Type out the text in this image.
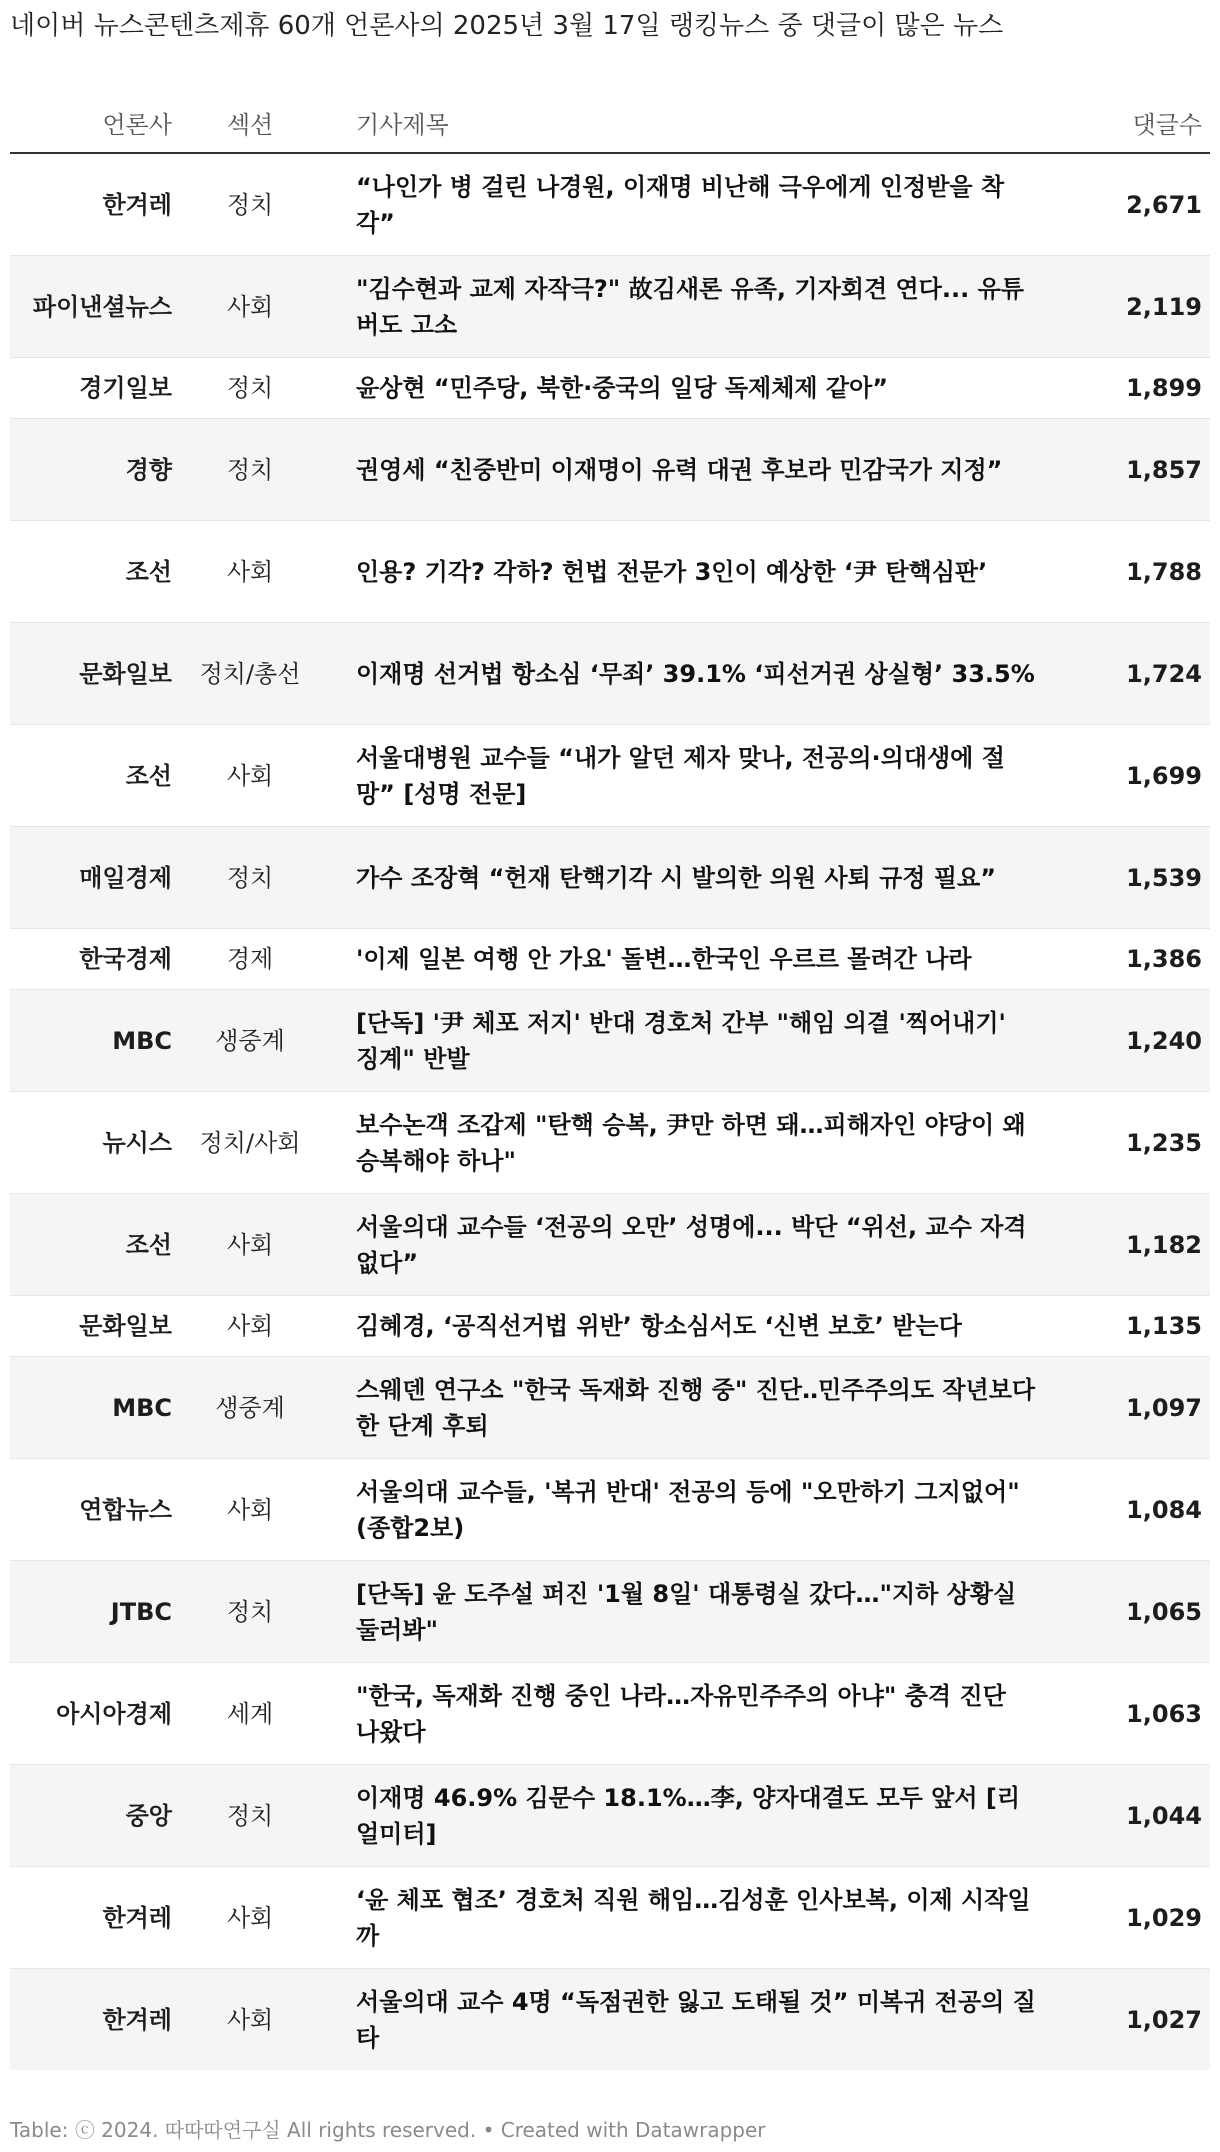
네이버 뉴스콘텐츠제휴 60개 언론사의 2025년 3월 17일 랭킹뉴스 중 댓글이 많은 뉴스
언론사	섹션	기사제목	댓글수
한겨레	정치	“나인가 병 걸린 나경원, 이재명 비난해 극우에게 인정받을 착각”	2,671
파이낸셜뉴스	사회	"김수현과 교제 자작극?" 故김새론 유족, 기자회견 연다... 유튜버도 고소	2,119
경기일보	정치	윤상현 “민주당, 북한·중국의 일당 독제체제 같아”	1,899
경향	정치	권영세 “친중반미 이재명이 유력 대권 후보라 민감국가 지정”	1,857
조선	사회	인용? 기각? 각하? 헌법 전문가 3인이 예상한 ‘尹 탄핵심판’	1,788
문화일보	정치/총선	이재명 선거법 항소심 ‘무죄’ 39.1% ‘피선거권 상실형’ 33.5%	1,724
조선	사회	서울대병원 교수들 “내가 알던 제자 맞나, 전공의·의대생에 절망” [성명 전문]	1,699
매일경제	정치	가수 조장혁 “헌재 탄핵기각 시 발의한 의원 사퇴 규정 필요”	1,539
한국경제	경제	'이제 일본 여행 안 가요' 돌변…한국인 우르르 몰려간 나라	1,386
MBC	생중계	[단독] '尹 체포 저지' 반대 경호처 간부 "해임 의결 '찍어내기' 징계" 반발	1,240
뉴시스	정치/사회	보수논객 조갑제 "탄핵 승복, 尹만 하면 돼…피해자인 야당이 왜 승복해야 하나"	1,235
조선	사회	서울의대 교수들 ‘전공의 오만’ 성명에... 박단 “위선, 교수 자격 없다”	1,182
문화일보	사회	김혜경, ‘공직선거법 위반’ 항소심서도 ‘신변 보호’ 받는다	1,135
MBC	생중계	스웨덴 연구소 "한국 독재화 진행 중" 진단‥민주주의도 작년보다 한 단계 후퇴	1,097
연합뉴스	사회	서울의대 교수들, '복귀 반대' 전공의 등에 "오만하기 그지없어"(종합2보)	1,084
JTBC	정치	[단독] 윤 도주설 퍼진 '1월 8일' 대통령실 갔다…"지하 상황실 둘러봐"	1,065
아시아경제	세계	"한국, 독재화 진행 중인 나라…자유민주주의 아냐" 충격 진단 나왔다	1,063
중앙	정치	이재명 46.9% 김문수 18.1%…李, 양자대결도 모두 앞서 [리얼미터]	1,044
한겨레	사회	‘윤 체포 협조’ 경호처 직원 해임…김성훈 인사보복, 이제 시작일까	1,029
한겨레	사회	서울의대 교수 4명 “독점권한 잃고 도태될 것” 미복귀 전공의 질타	1,027
Table: ⓒ 2024. 따따따연구실 All rights reserved. • Created with Datawrapper
